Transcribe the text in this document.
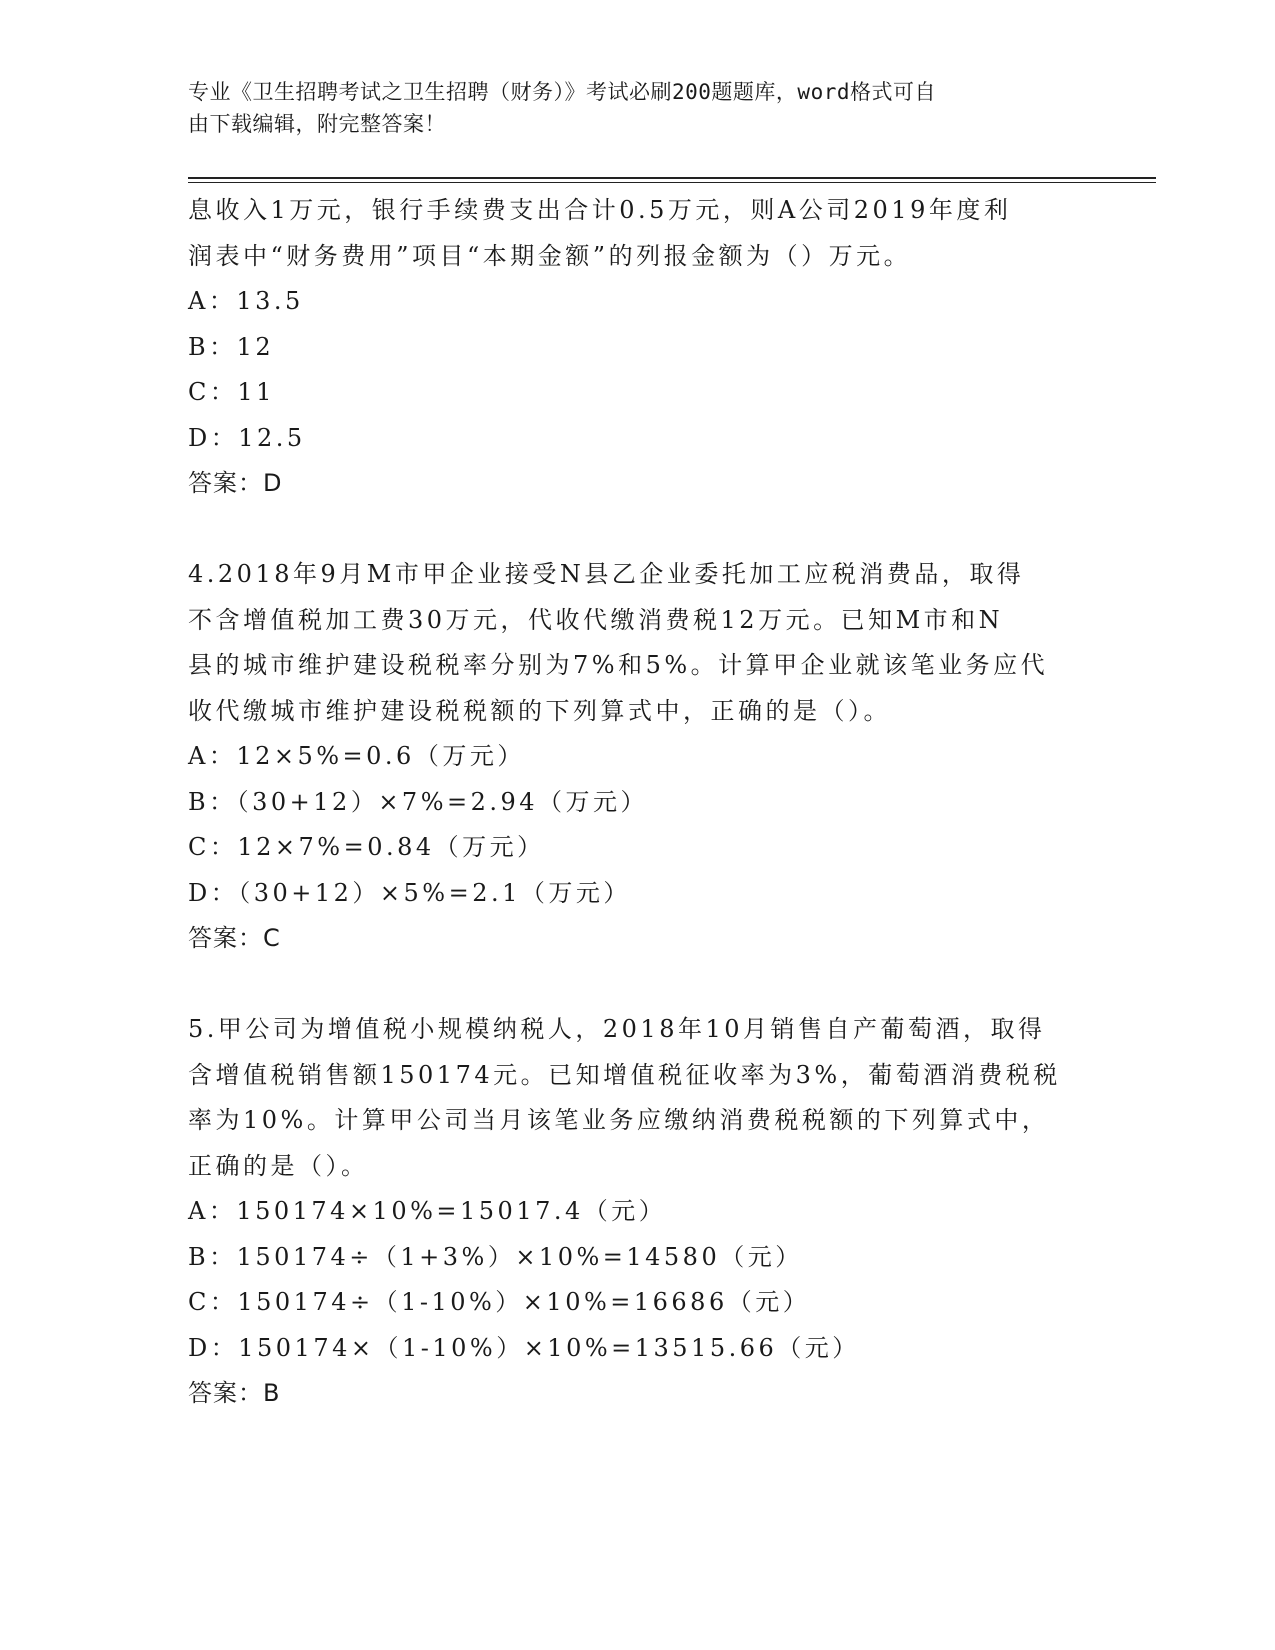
专业《卫生招聘考试之卫生招聘（财务）》考试必刷200题题库，word格式可自
由下载编辑，附完整答案！
息收入1万元，银行手续费支出合计0.5万元，则A公司2019年度利
润表中“财务费用”项目“本期金额”的列报金额为（）万元。
A：13.5
B：12
C：11
D：12.5
答案：D
4.2018年9月M市甲企业接受N县乙企业委托加工应税消费品，取得
不含增值税加工费30万元，代收代缴消费税12万元。已知M市和N
县的城市维护建设税税率分别为7%和5%。计算甲企业就该笔业务应代
收代缴城市维护建设税税额的下列算式中，正确的是（）。
A：12×5%=0.6（万元）
B：（30+12）×7%=2.94（万元）
C：12×7%=0.84（万元）
D：（30+12）×5%=2.1（万元）
答案：C
5.甲公司为增值税小规模纳税人，2018年10月销售自产葡萄酒，取得
含增值税销售额150174元。已知增值税征收率为3%，葡萄酒消费税税
率为10%。计算甲公司当月该笔业务应缴纳消费税税额的下列算式中，
正确的是（）。
A：150174×10%=15017.4（元）
B：150174÷（1+3%）×10%=14580（元）
C：150174÷（1-10%）×10%=16686（元）
D：150174×（1-10%）×10%=13515.66（元）
答案：B
